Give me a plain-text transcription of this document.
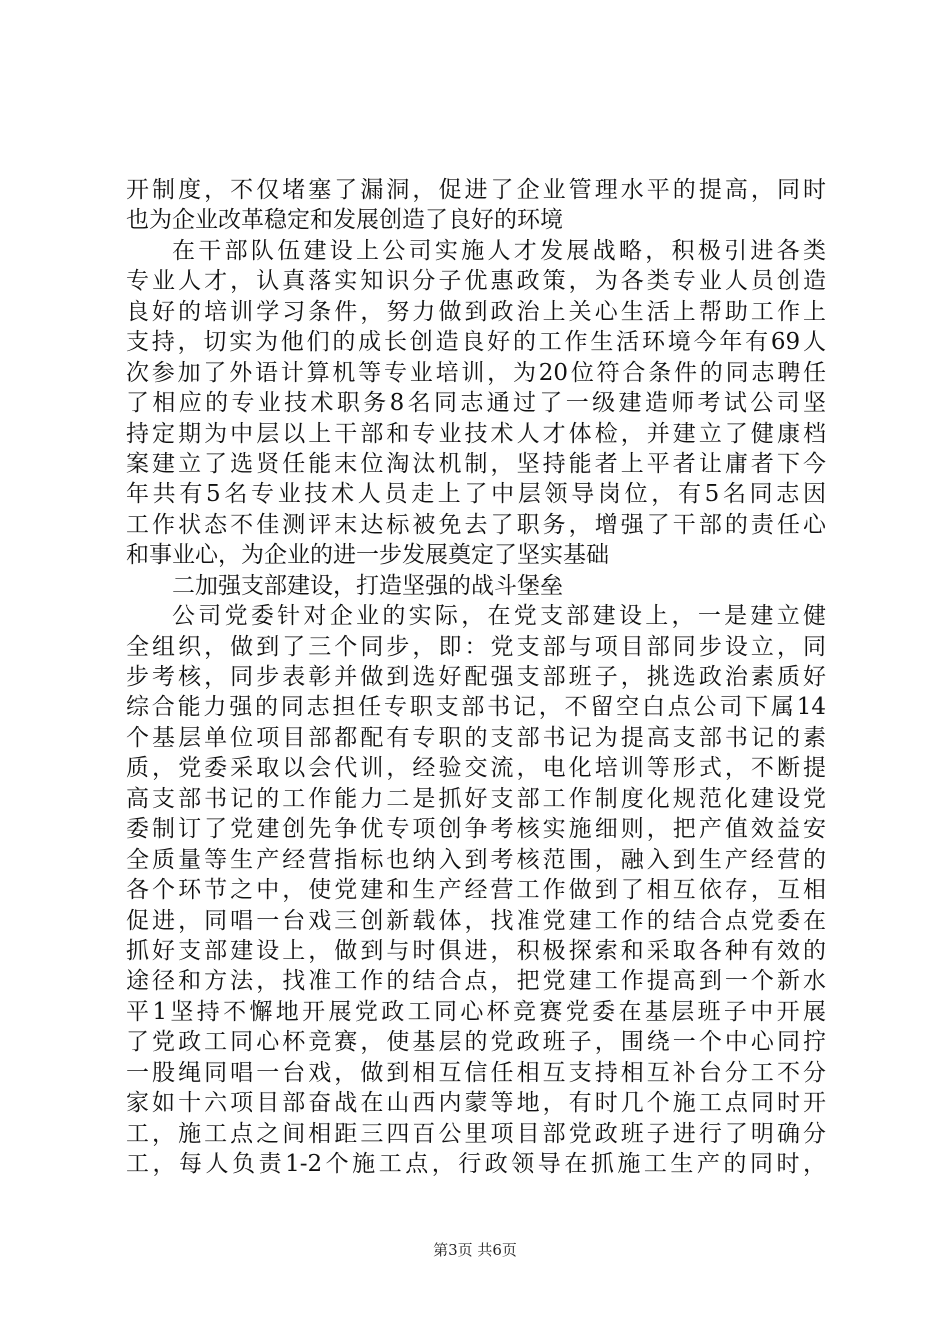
开制度，不仅堵塞了漏洞，促进了企业管理水平的提高，同时
也为企业改革稳定和发展创造了良好的环境
在干部队伍建设上公司实施人才发展战略，积极引进各类
专业人才，认真落实知识分子优惠政策，为各类专业人员创造
良好的培训学习条件，努力做到政治上关心生活上帮助工作上
支持，切实为他们的成长创造良好的工作生活环境今年有69人
次参加了外语计算机等专业培训，为20位符合条件的同志聘任
了相应的专业技术职务8名同志通过了一级建造师考试公司坚
持定期为中层以上干部和专业技术人才体检，并建立了健康档
案建立了选贤任能末位淘汰机制，坚持能者上平者让庸者下今
年共有5名专业技术人员走上了中层领导岗位，有5名同志因
工作状态不佳测评末达标被免去了职务，增强了干部的责任心
和事业心，为企业的进一步发展奠定了坚实基础
二加强支部建设，打造坚强的战斗堡垒
公司党委针对企业的实际，在党支部建设上，一是建立健
全组织，做到了三个同步，即：党支部与项目部同步设立，同
步考核，同步表彰并做到选好配强支部班子，挑选政治素质好
综合能力强的同志担任专职支部书记，不留空白点公司下属14
个基层单位项目部都配有专职的支部书记为提高支部书记的素
质，党委采取以会代训，经验交流，电化培训等形式，不断提
高支部书记的工作能力二是抓好支部工作制度化规范化建设党
委制订了党建创先争优专项创争考核实施细则，把产值效益安
全质量等生产经营指标也纳入到考核范围，融入到生产经营的
各个环节之中，使党建和生产经营工作做到了相互依存，互相
促进，同唱一台戏三创新载体，找准党建工作的结合点党委在
抓好支部建设上，做到与时俱进，积极探索和采取各种有效的
途径和方法，找准工作的结合点，把党建工作提高到一个新水
平1坚持不懈地开展党政工同心杯竞赛党委在基层班子中开展
了党政工同心杯竞赛，使基层的党政班子，围绕一个中心同拧
一股绳同唱一台戏，做到相互信任相互支持相互补台分工不分
家如十六项目部奋战在山西内蒙等地，有时几个施工点同时开
工，施工点之间相距三四百公里项目部党政班子进行了明确分
工，每人负责1-2个施工点，行政领导在抓施工生产的同时，
第3页 共6页
